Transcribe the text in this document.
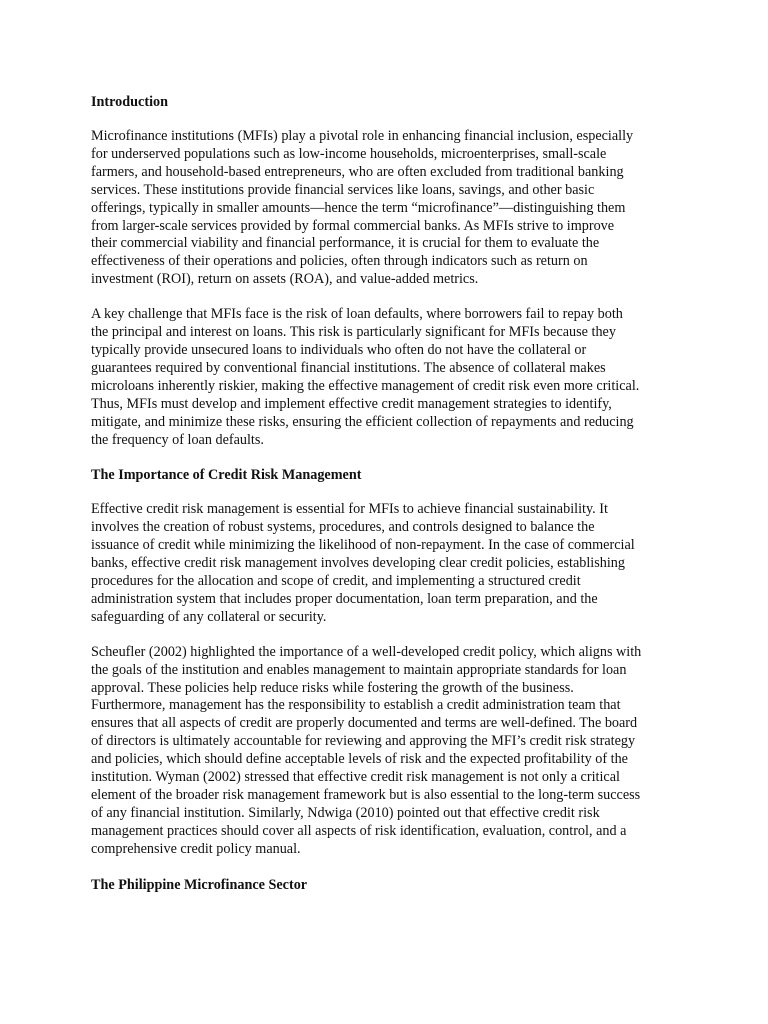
Introduction
Microfinance institutions (MFIs) play a pivotal role in enhancing financial inclusion, especially
for underserved populations such as low-income households, microenterprises, small-scale
farmers, and household-based entrepreneurs, who are often excluded from traditional banking
services. These institutions provide financial services like loans, savings, and other basic
offerings, typically in smaller amounts—hence the term “microfinance”—distinguishing them
from larger-scale services provided by formal commercial banks. As MFIs strive to improve
their commercial viability and financial performance, it is crucial for them to evaluate the
effectiveness of their operations and policies, often through indicators such as return on
investment (ROI), return on assets (ROA), and value-added metrics.
A key challenge that MFIs face is the risk of loan defaults, where borrowers fail to repay both
the principal and interest on loans. This risk is particularly significant for MFIs because they
typically provide unsecured loans to individuals who often do not have the collateral or
guarantees required by conventional financial institutions. The absence of collateral makes
microloans inherently riskier, making the effective management of credit risk even more critical.
Thus, MFIs must develop and implement effective credit management strategies to identify,
mitigate, and minimize these risks, ensuring the efficient collection of repayments and reducing
the frequency of loan defaults.
The Importance of Credit Risk Management
Effective credit risk management is essential for MFIs to achieve financial sustainability. It
involves the creation of robust systems, procedures, and controls designed to balance the
issuance of credit while minimizing the likelihood of non-repayment. In the case of commercial
banks, effective credit risk management involves developing clear credit policies, establishing
procedures for the allocation and scope of credit, and implementing a structured credit
administration system that includes proper documentation, loan term preparation, and the
safeguarding of any collateral or security.
Scheufler (2002) highlighted the importance of a well-developed credit policy, which aligns with
the goals of the institution and enables management to maintain appropriate standards for loan
approval. These policies help reduce risks while fostering the growth of the business.
Furthermore, management has the responsibility to establish a credit administration team that
ensures that all aspects of credit are properly documented and terms are well-defined. The board
of directors is ultimately accountable for reviewing and approving the MFI’s credit risk strategy
and policies, which should define acceptable levels of risk and the expected profitability of the
institution. Wyman (2002) stressed that effective credit risk management is not only a critical
element of the broader risk management framework but is also essential to the long-term success
of any financial institution. Similarly, Ndwiga (2010) pointed out that effective credit risk
management practices should cover all aspects of risk identification, evaluation, control, and a
comprehensive credit policy manual.
The Philippine Microfinance Sector
